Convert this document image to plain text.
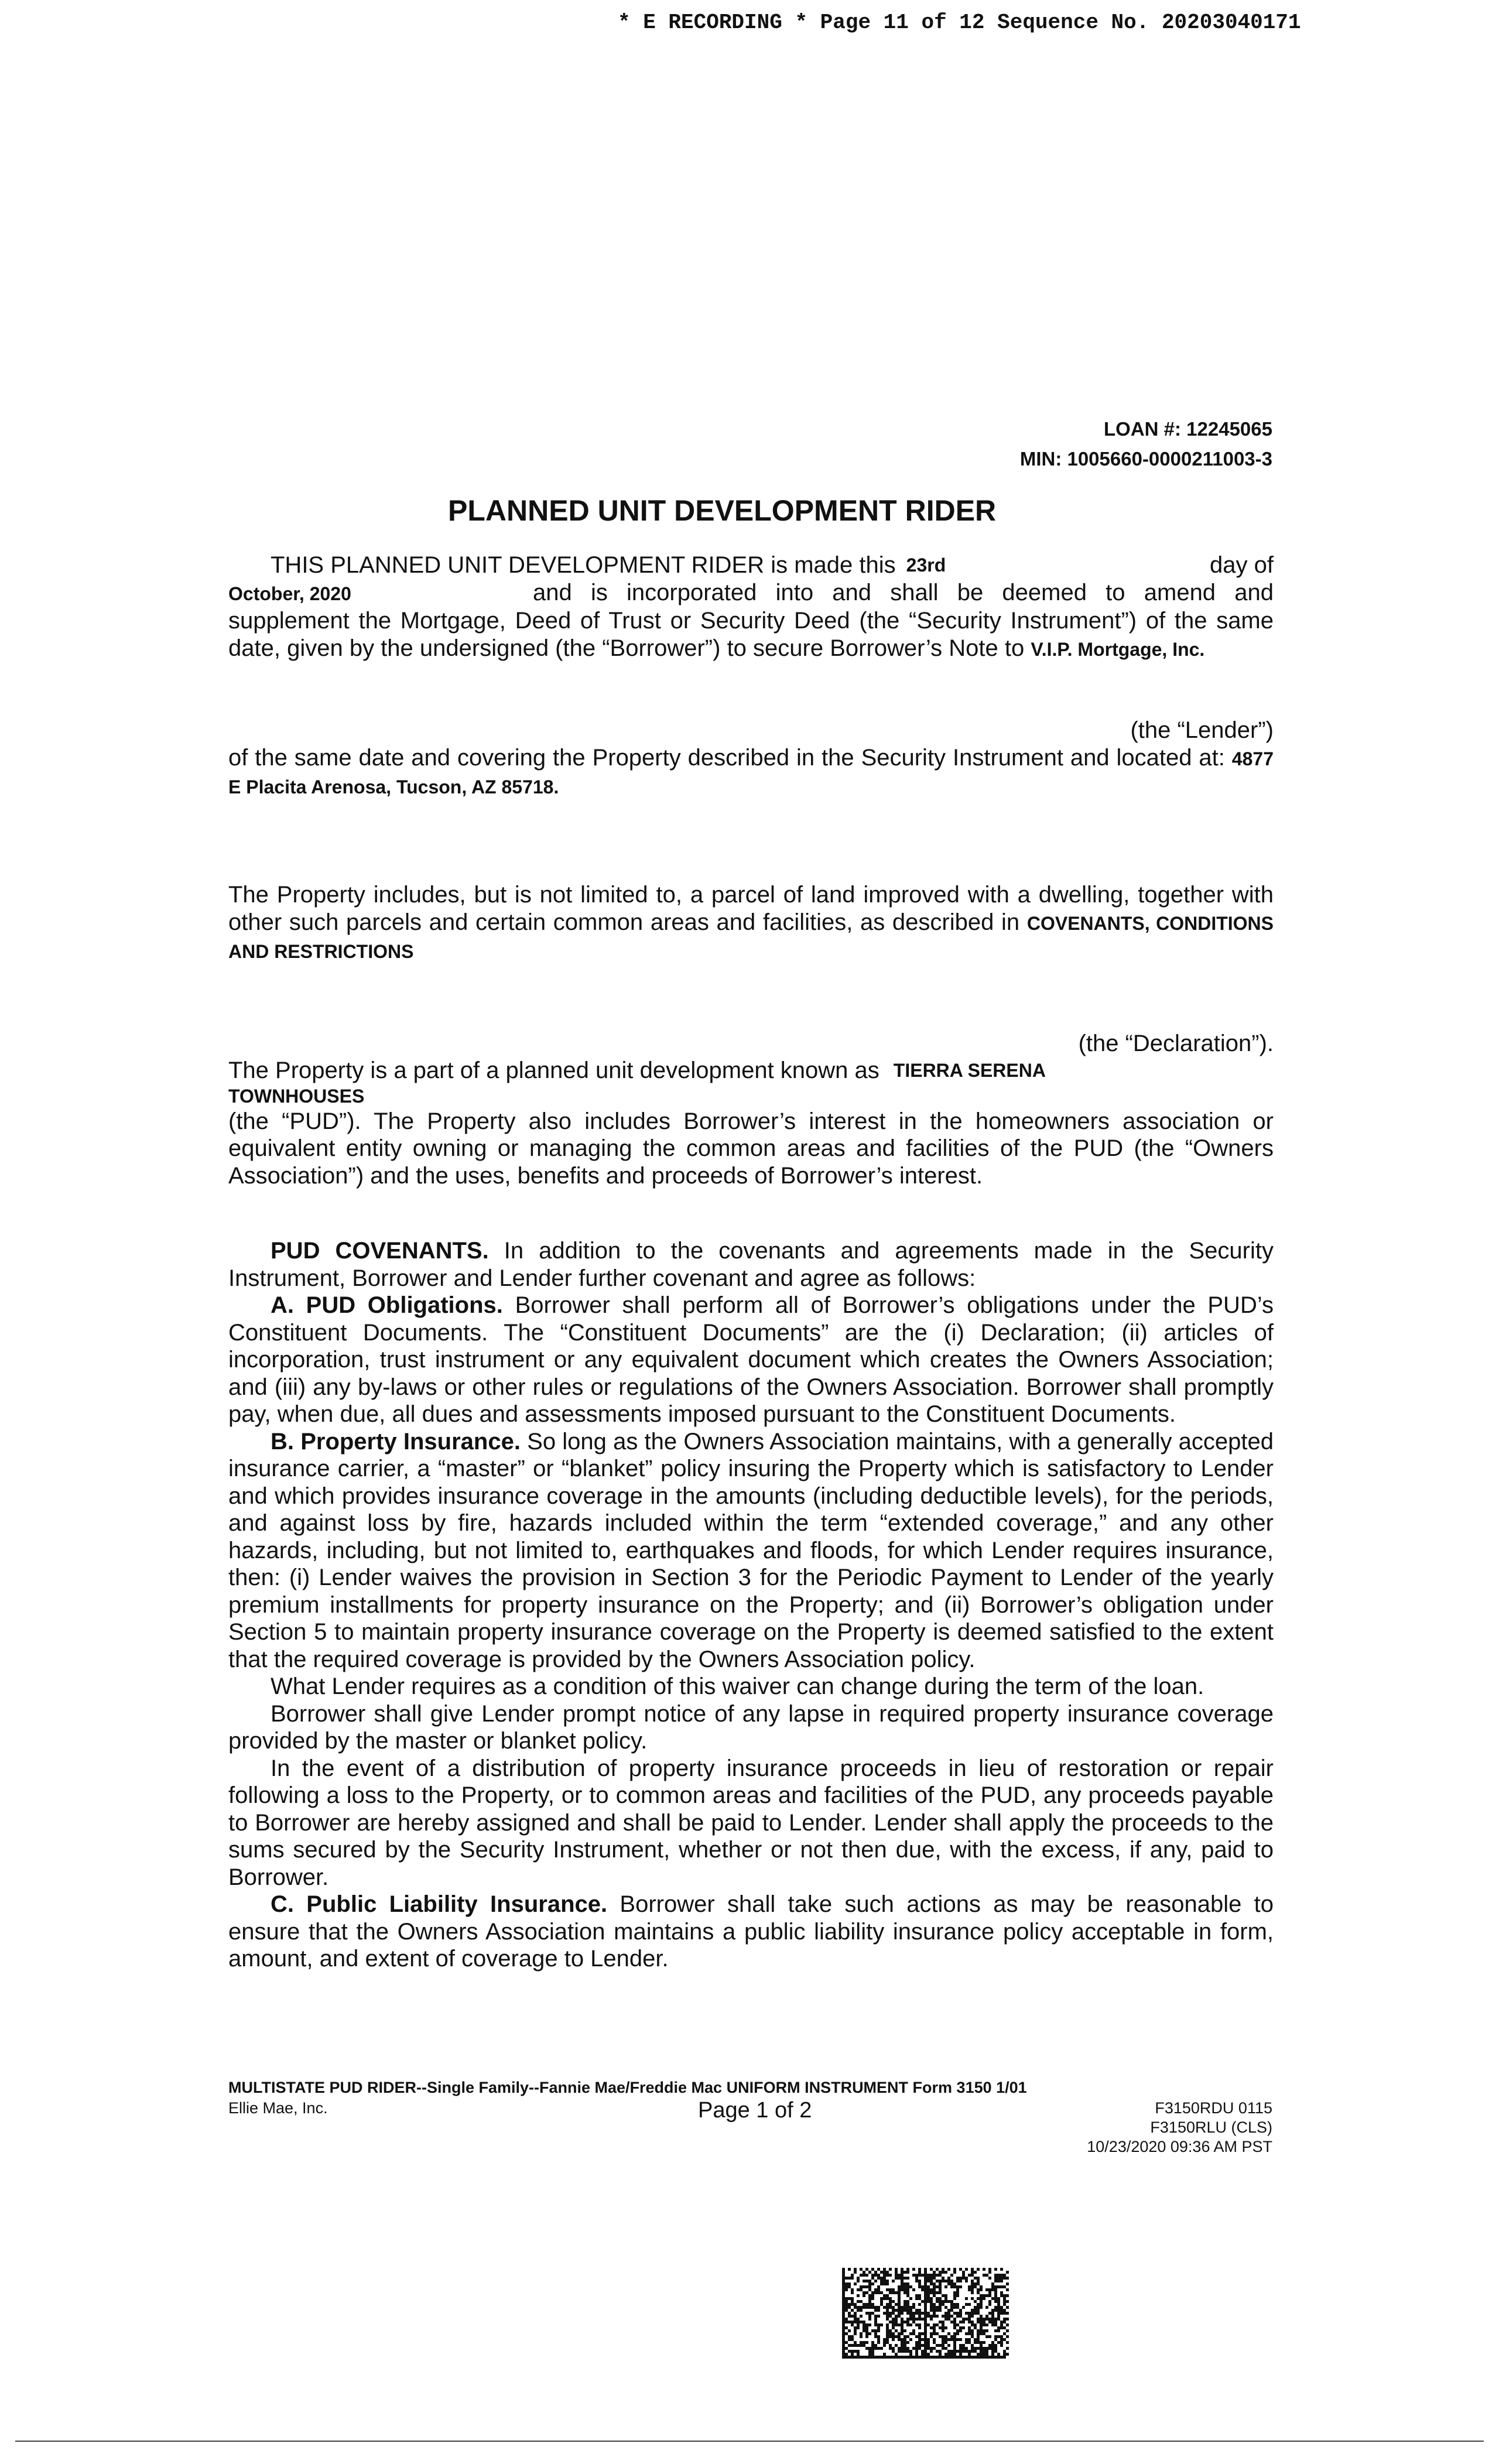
* E RECORDING * Page 11 of 12 Sequence No. 20203040171
LOAN #: 12245065
MIN: 1005660-0000211003-3
PLANNED UNIT DEVELOPMENT RIDER
THIS PLANNED UNIT DEVELOPMENT RIDER is made this 23rd	day of
October, 2020	and is incorporated into and shall be deemed to amend and supplement the Mortgage, Deed of Trust or Security Deed (the “Security Instrument”) of the same date, given by the undersigned (the “Borrower”) to secure Borrower’s Note to V.I.P. Mortgage, Inc.
(the “Lender”)
of the same date and covering the Property described in the Security Instrument and located at: 4877 E Placita Arenosa, Tucson, AZ 85718.
The Property includes, but is not limited to, a parcel of land improved with a dwelling, together with other such parcels and certain common areas and facilities, as described in COVENANTS, CONDITIONS AND RESTRICTIONS
(the “Declaration”).
The Property is a part of a planned unit development known as TIERRA SERENA
TOWNHOUSES
(the “PUD”). The Property also includes Borrower’s interest in the homeowners association or equivalent entity owning or managing the common areas and facilities of the PUD (the “Owners Association”) and the uses, benefits and proceeds of Borrower’s interest.

PUD COVENANTS. In addition to the covenants and agreements made in the Security Instrument, Borrower and Lender further covenant and agree as follows:

A. PUD Obligations. Borrower shall perform all of Borrower’s obligations under the PUD’s Constituent Documents. The “Constituent Documents” are the (i) Declaration; (ii) articles of incorporation, trust instrument or any equivalent document which creates the Owners Association; and (iii) any by-laws or other rules or regulations of the Owners Association. Borrower shall promptly pay, when due, all dues and assessments imposed pursuant to the Constituent Documents.

B. Property Insurance. So long as the Owners Association maintains, with a generally accepted insurance carrier, a “master” or “blanket” policy insuring the Property which is satisfactory to Lender and which provides insurance coverage in the amounts (including deductible levels), for the periods, and against loss by fire, hazards included within the term “extended coverage,” and any other hazards, including, but not limited to, earthquakes and floods, for which Lender requires insurance, then: (i) Lender waives the provision in Section 3 for the Periodic Payment to Lender of the yearly premium installments for property insurance on the Property; and (ii) Borrower’s obligation under Section 5 to maintain property insurance coverage on the Property is deemed satisfied to the extent that the required coverage is provided by the Owners Association policy.

What Lender requires as a condition of this waiver can change during the term of the loan.

Borrower shall give Lender prompt notice of any lapse in required property insurance coverage provided by the master or blanket policy.

In the event of a distribution of property insurance proceeds in lieu of restoration or repair following a loss to the Property, or to common areas and facilities of the PUD, any proceeds payable to Borrower are hereby assigned and shall be paid to Lender. Lender shall apply the proceeds to the sums secured by the Security Instrument, whether or not then due, with the excess, if any, paid to Borrower.

C. Public Liability Insurance. Borrower shall take such actions as may be reasonable to ensure that the Owners Association maintains a public liability insurance policy acceptable in form, amount, and extent of coverage to Lender.

MULTISTATE PUD RIDER--Single Family--Fannie Mae/Freddie Mac UNIFORM INSTRUMENT Form 3150 1/01
Ellie Mae, Inc.	Page 1 of 2	F3150RDU 0115
F3150RLU (CLS)
10/23/2020 09:36 AM PST
